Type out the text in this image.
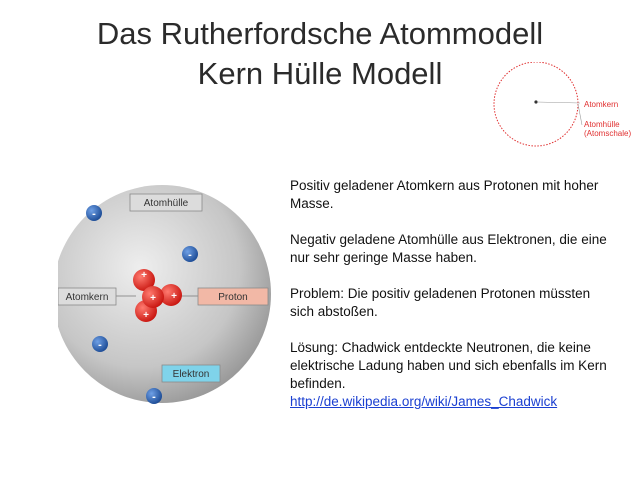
Das Rutherfordsche Atommodell
Kern Hülle Modell
Atomkern
Atomhülle
(Atomschale)
Atomhülle
Atomkern	Proton
Elektron
+
+
+
+
-
-
-
-
Positiv geladener Atomkern aus Protonen mit hoher Masse.
Negativ geladene Atomhülle aus Elektronen, die eine nur sehr geringe Masse haben.
Problem: Die positiv geladenen Protonen müssten sich abstoßen.
Lösung: Chadwick entdeckte Neutronen, die keine elektrische Ladung haben und sich ebenfalls im Kern befinden.
http://de.wikipedia.org/wiki/James_Chadwick
